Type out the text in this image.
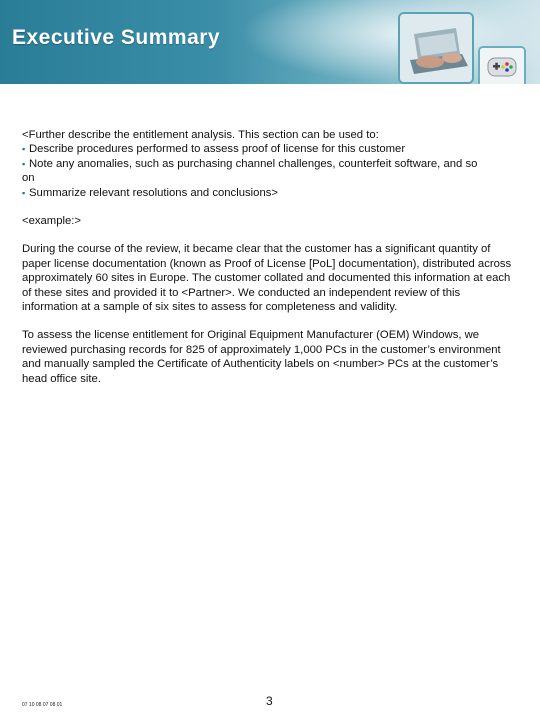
Executive Summary

<Further describe the entitlement analysis. This section can be used to:

▪ Describe procedures performed to assess proof of license for this customer
▪ Note any anomalies, such as purchasing channel challenges, counterfeit software, and so

on

▪ Summarize relevant resolutions and conclusions>

<example:>

During the course of the review, it became clear that the customer has a significant quantity of paper license documentation (known as Proof of License [PoL] documentation), distributed across approximately 60 sites in Europe. The customer collated and documented this information at each of these sites and provided it to <Partner>. We conducted an independent review of this information at a sample of six sites to assess for completeness and validity.

To assess the license entitlement for Original Equipment Manufacturer (OEM) Windows, we reviewed purchasing records for 825 of approximately 1,000 PCs in the customer’s environment and manually sampled the Certificate of Authenticity labels on <number> PCs at the customer’s head office site.

07 10 08 07 08 01	3
